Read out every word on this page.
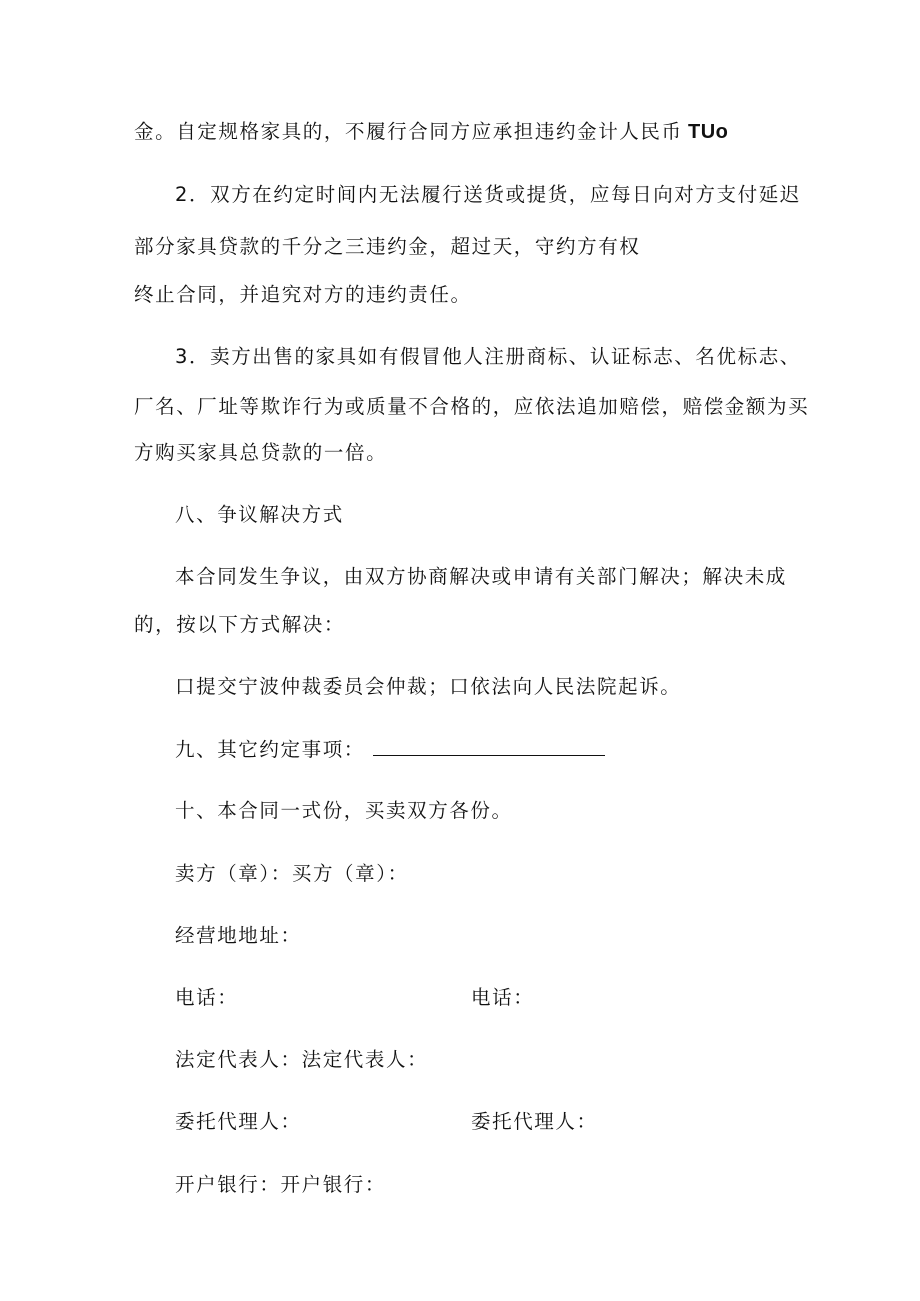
金。自定规格家具的，不履行合同方应承担违约金计人民币 TUo
2．双方在约定时间内无法履行送货或提货，应每日向对方支付延迟
部分家具贷款的千分之三违约金，超过天，守约方有权
终止合同，并追究对方的违约责任。
3．卖方出售的家具如有假冒他人注册商标、认证标志、名优标志、
厂名、厂址等欺诈行为或质量不合格的，应依法追加赔偿，赔偿金额为买
方购买家具总贷款的一倍。
八、争议解决方式
本合同发生争议，由双方协商解决或申请有关部门解决；解决未成
的，按以下方式解决：
口提交宁波仲裁委员会仲裁；口依法向人民法院起诉。
九、其它约定事项：
十、本合同一式份，买卖双方各份。
卖方（章）：买方（章）：
经营地地址：
电话：	电话：
法定代表人：法定代表人：
委托代理人：	委托代理人：
开户银行：开户银行：
